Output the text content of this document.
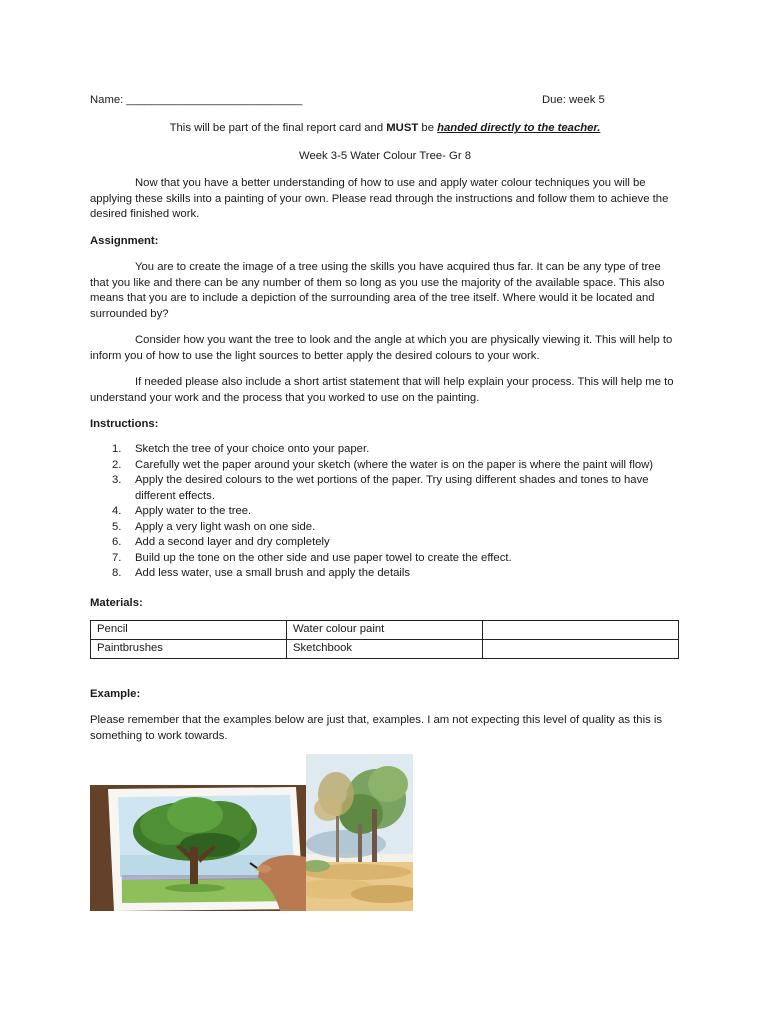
Name: ____________________________	Due: week 5

This will be part of the final report card and MUST be handed directly to the teacher.

Week 3-5 Water Colour Tree- Gr 8

Now that you have a better understanding of how to use and apply water colour techniques you will be applying these skills into a painting of your own. Please read through the instructions and follow them to achieve the desired finished work.

Assignment:

You are to create the image of a tree using the skills you have acquired thus far. It can be any type of tree that you like and there can be any number of them so long as you use the majority of the available space. This also means that you are to include a depiction of the surrounding area of the tree itself. Where would it be located and surrounded by?

Consider how you want the tree to look and the angle at which you are physically viewing it. This will help to inform you of how to use the light sources to better apply the desired colours to your work.

If needed please also include a short artist statement that will help explain your process. This will help me to understand your work and the process that you worked to use on the painting.

Instructions:

1. Sketch the tree of your choice onto your paper.
2. Carefully wet the paper around your sketch (where the water is on the paper is where the paint will flow)
3. Apply the desired colours to the wet portions of the paper. Try using different shades and tones to have different effects.
4. Apply water to the tree.
5. Apply a very light wash on one side.
6. Add a second layer and dry completely
7. Build up the tone on the other side and use paper towel to create the effect.
8. Add less water, use a small brush and apply the details

Materials:

Pencil	Water colour paint	
Paintbrushes	Sketchbook	

Example:

Please remember that the examples below are just that, examples. I am not expecting this level of quality as this is something to work towards.
